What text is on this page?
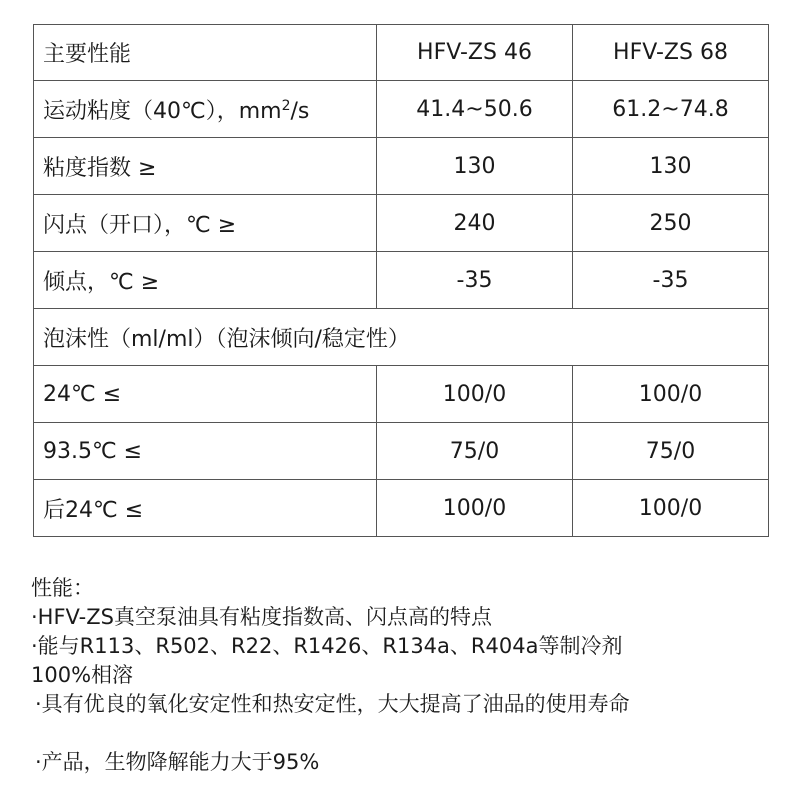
主要性能	HFV-ZS 46	HFV-ZS 68
运动粘度（40℃），$mm^2/s$	41.4~50.6	61.2~74.8
粘度指数 ≥	130	130
闪点（开口），℃ ≥	240	250
倾点，℃ ≥	-35	-35
泡沫性（ml/ml）（泡沫倾向/稳定性）		
24℃ ≤	100/0	100/0
93.5℃ ≤	75/0	75/0
后24℃ ≤	100/0	100/0
性能：
·HFV-ZS真空泵油具有粘度指数高、闪点高的特点
·能与R113、R502、R22、R1426、R134a、R404a等制冷剂
100%相溶
·具有优良的氧化安定性和热安定性，大大提高了油品的使用寿命
·产品，生物降解能力大于95%
